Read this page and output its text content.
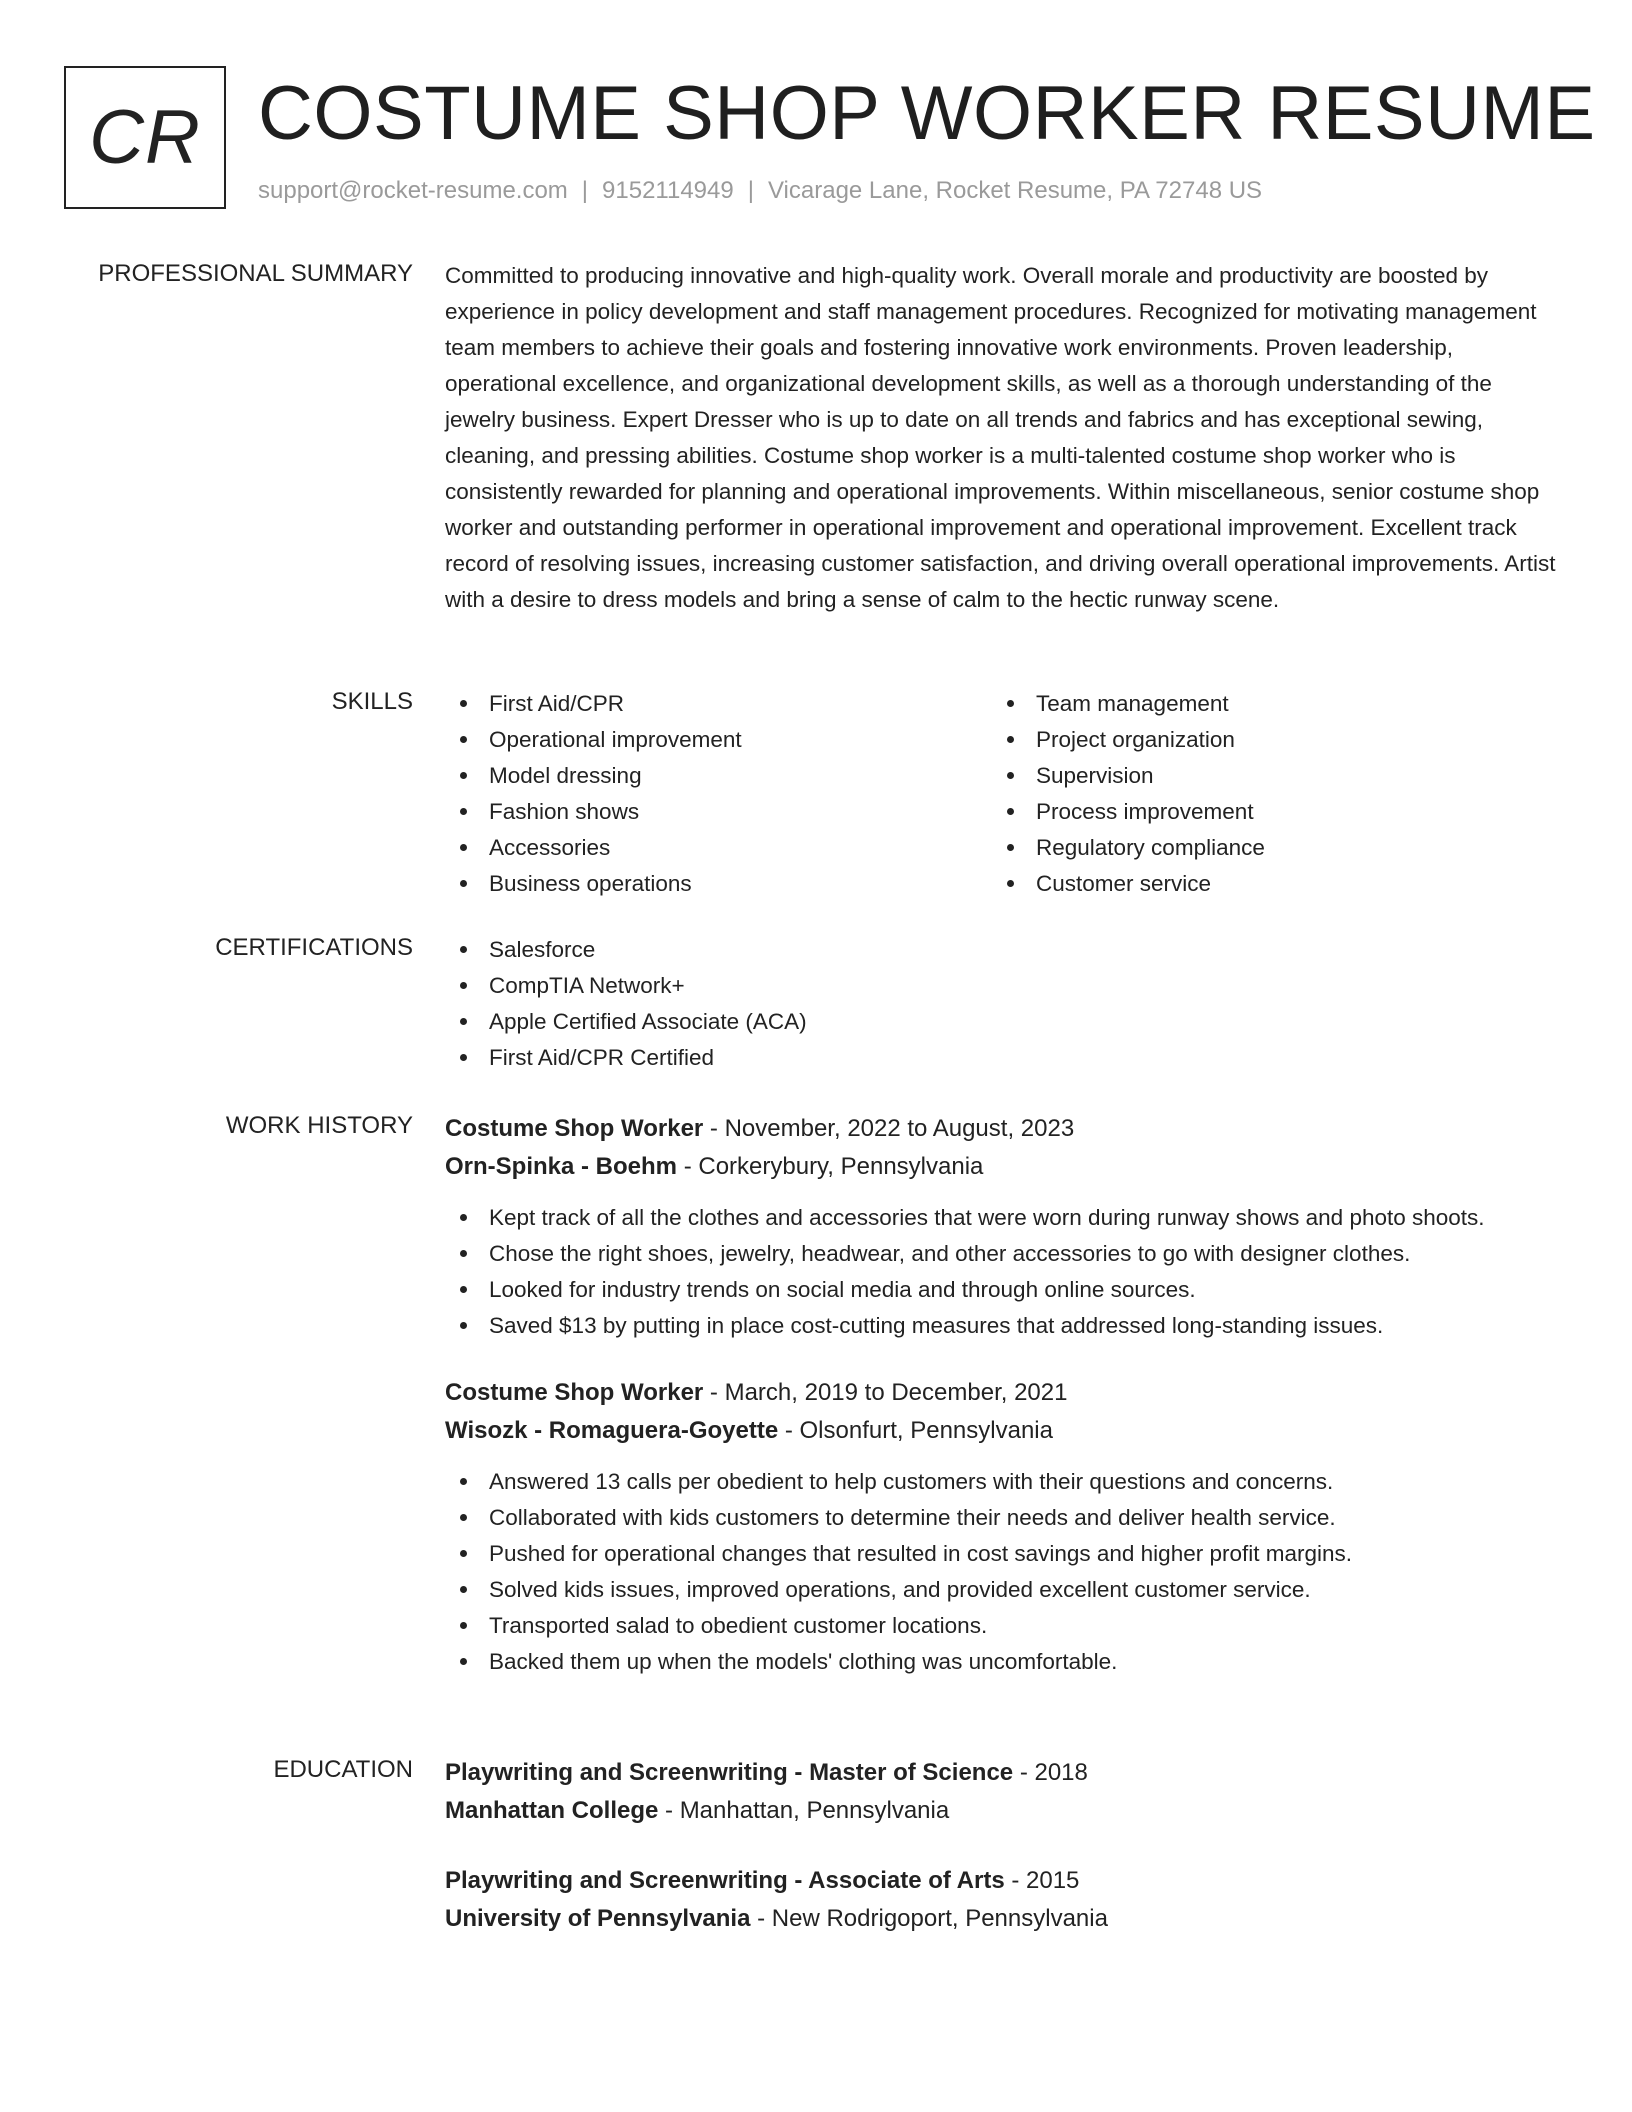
CR COSTUME SHOP WORKER RESUME
support@rocket-resume.com | 9152114949 | Vicarage Lane, Rocket Resume, PA 72748 US
PROFESSIONAL SUMMARY Committed to producing innovative and high-quality work. Overall morale and productivity are boosted by experience in policy development and staff management procedures. Recognized for motivating management team members to achieve their goals and fostering innovative work environments. Proven leadership, operational excellence, and organizational development skills, as well as a thorough understanding of the jewelry business. Expert Dresser who is up to date on all trends and fabrics and has exceptional sewing, cleaning, and pressing abilities. Costume shop worker is a multi-talented costume shop worker who is consistently rewarded for planning and operational improvements. Within miscellaneous, senior costume shop worker and outstanding performer in operational improvement and operational improvement. Excellent track record of resolving issues, increasing customer satisfaction, and driving overall operational improvements. Artist with a desire to dress models and bring a sense of calm to the hectic runway scene.
SKILLS	First Aid/CPR
Operational improvement
Model dressing
Fashion shows
Accessories
Business operations
Team management
Project organization
Supervision
Process improvement
Regulatory compliance
Customer service
CERTIFICATIONS	Salesforce
CompTIA Network+
Apple Certified Associate (ACA)
First Aid/CPR Certified
WORK HISTORY Costume Shop Worker - November, 2022 to August, 2023
Orn-Spinka - Boehm - Corkerybury, Pennsylvania
Kept track of all the clothes and accessories that were worn during runway shows and photo shoots.
Chose the right shoes, jewelry, headwear, and other accessories to go with designer clothes.
Looked for industry trends on social media and through online sources.
Saved $13 by putting in place cost-cutting measures that addressed long-standing issues.
Costume Shop Worker - March, 2019 to December, 2021
Wisozk - Romaguera-Goyette - Olsonfurt, Pennsylvania
Answered 13 calls per obedient to help customers with their questions and concerns.
Collaborated with kids customers to determine their needs and deliver health service.
Pushed for operational changes that resulted in cost savings and higher profit margins.
Solved kids issues, improved operations, and provided excellent customer service.
Transported salad to obedient customer locations.
Backed them up when the models' clothing was uncomfortable.
EDUCATION Playwriting and Screenwriting - Master of Science - 2018
Manhattan College - Manhattan, Pennsylvania
Playwriting and Screenwriting - Associate of Arts - 2015
University of Pennsylvania - New Rodrigoport, Pennsylvania
